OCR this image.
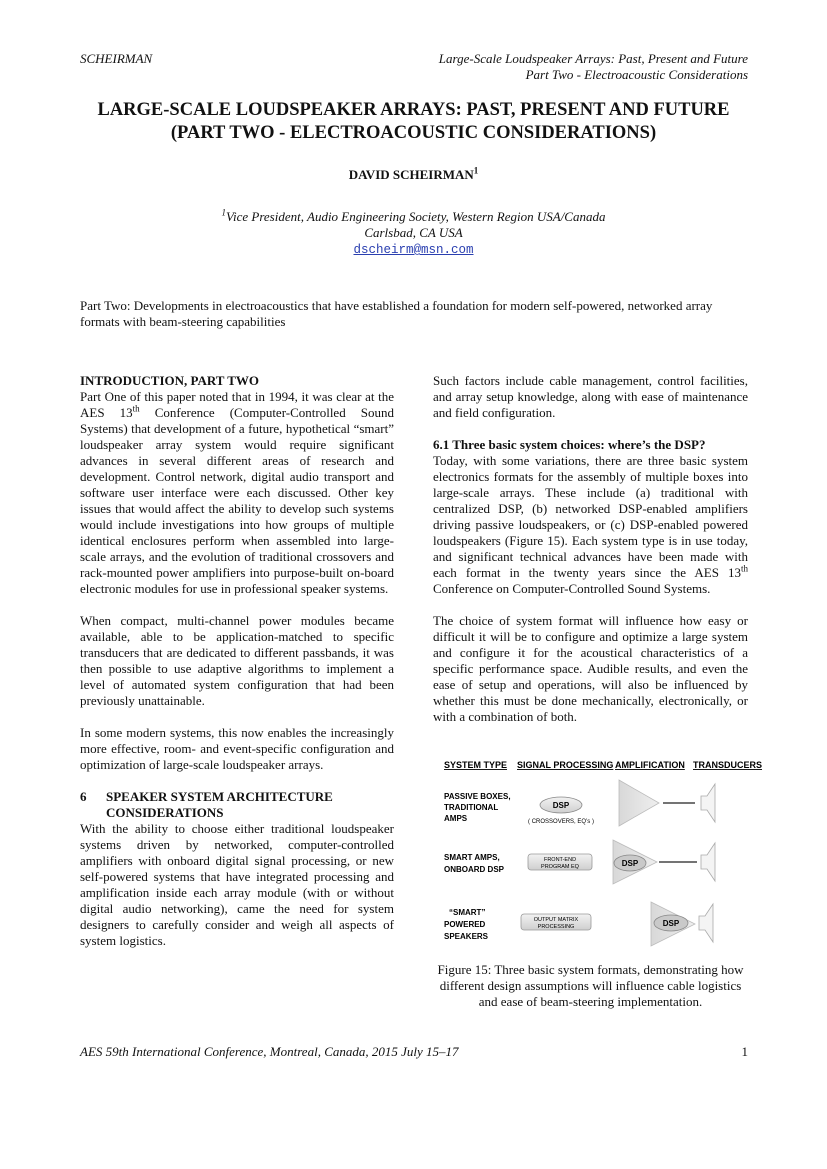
SCHEIRMAN	Large-Scale Loudspeaker Arrays: Past, Present and Future
Part Two - Electroacoustic Considerations
LARGE-SCALE LOUDSPEAKER ARRAYS: PAST, PRESENT AND FUTURE
(PART TWO - ELECTROACOUSTIC CONSIDERATIONS)
DAVID SCHEIRMAN$^1$
$^1$Vice President, Audio Engineering Society, Western Region USA/Canada
Carlsbad, CA USA
dscheirm@msn.com
Part Two: Developments in electroacoustics that have established a foundation for modern self-powered, networked array formats with beam-steering capabilities
INTRODUCTION, PART TWO

Part One of this paper noted that in 1994, it was clear at the AES 13th Conference (Computer-Controlled Sound Systems) that development of a future, hypothetical “smart” loudspeaker array system would require significant advances in several different areas of research and development. Control network, digital audio transport and software user interface were each discussed. Other key issues that would affect the ability to develop such systems would include investigations into how groups of multiple identical enclosures perform when assembled into large-scale arrays, and the evolution of traditional crossovers and rack-mounted power amplifiers into purpose-built on-board electronic modules for use in professional speaker systems.

When compact, multi-channel power modules became available, able to be application-matched to specific transducers that are dedicated to different passbands, it was then possible to use adaptive algorithms to implement a level of automated system configuration that had been previously unattainable.

In some modern systems, this now enables the increasingly more effective, room- and event-specific configuration and optimization of large-scale loudspeaker arrays.

6	SPEAKER SYSTEM ARCHITECTURE CONSIDERATIONS

With the ability to choose either traditional loudspeaker systems driven by networked, computer-controlled amplifiers with onboard digital signal processing, or new self-powered systems that have integrated processing and amplification inside each array module (with or without digital audio networking), came the need for system designers to carefully consider and weigh all aspects of system logistics.

Such factors include cable management, control facilities, and array setup knowledge, along with ease of maintenance and field configuration.

6.1 Three basic system choices: where’s the DSP?

Today, with some variations, there are three basic system electronics formats for the assembly of multiple boxes into large-scale arrays. These include (a) traditional with centralized DSP, (b) networked DSP-enabled amplifiers driving passive loudspeakers, or (c) DSP-enabled powered loudspeakers (Figure 15). Each system type is in use today, and significant technical advances have been made with each format in the twenty years since the AES 13th Conference on Computer-Controlled Sound Systems.

The choice of system format will influence how easy or difficult it will be to configure and optimize a large system and configure it for the acoustical characteristics of a specific performance space. Audible results, and even the ease of setup and operations, will also be influenced by whether this must be done mechanically, electronically, or with a combination of both.

SYSTEM TYPE SIGNAL PROCESSING AMPLIFICATION TRANSDUCERS
PASSIVE BOXES,
TRADITIONAL
AMPS
DSP
( CROSSOVERS, EQ’s )
SMART AMPS,
ONBOARD DSP
FRONT-END
PROGRAM EQ	DSP
“SMART”
POWERED
SPEAKERS
OUTPUT MATRIX
PROCESSING	DSP
Figure 15: Three basic system formats, demonstrating how different design assumptions will influence cable logistics and ease of beam-steering implementation.
AES 59th International Conference, Montreal, Canada, 2015 July 15–17	1
